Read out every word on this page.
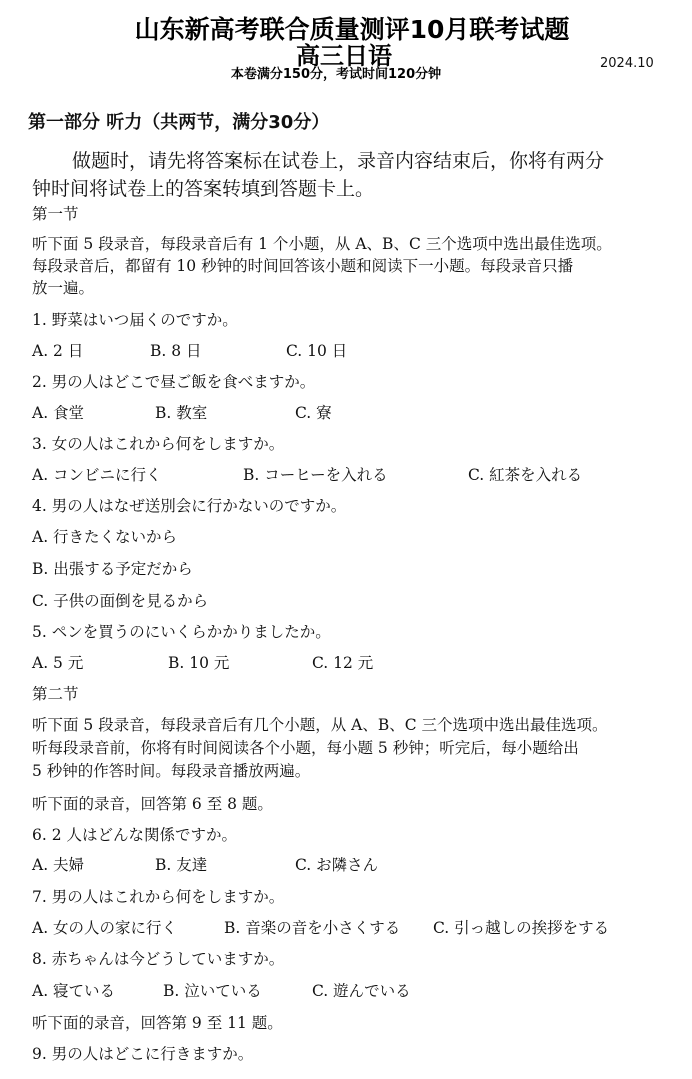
山东新高考联合质量测评10月联考试题
高三日语
本卷满分150分，考试时间120分钟
2024.10
第一部分 听力（共两节，满分30分）
做题时，请先将答案标在试卷上，录音内容结束后，你将有两分
钟时间将试卷上的答案转填到答题卡上。
第一节
听下面 5 段录音，每段录音后有 1 个小题，从 A、B、C 三个选项中选出最佳选项。
每段录音后，都留有 10 秒钟的时间回答该小题和阅读下一小题。每段录音只播
放一遍。
1. 野菜はいつ届くのですか。
A. 2 日	B. 8 日	C. 10 日
2. 男の人はどこで昼ご飯を食べますか。
A. 食堂	B. 教室	C. 寮
3. 女の人はこれから何をしますか。
A. コンビニに行く	B. コーヒーを入れる	C. 紅茶を入れる
4. 男の人はなぜ送別会に行かないのですか。
A. 行きたくないから
B. 出張する予定だから
C. 子供の面倒を見るから
5. ペンを買うのにいくらかかりましたか。
A. 5 元	B. 10 元	C. 12 元
第二节
听下面 5 段录音，每段录音后有几个小题，从 A、B、C 三个选项中选出最佳选项。
听每段录音前，你将有时间阅读各个小题，每小题 5 秒钟；听完后，每小题给出
5 秒钟的作答时间。每段录音播放两遍。
听下面的录音，回答第 6 至 8 题。
6. 2 人はどんな関係ですか。
A. 夫婦	B. 友達	C. お隣さん
7. 男の人はこれから何をしますか。
A. 女の人の家に行く	B. 音楽の音を小さくする C. 引っ越しの挨拶をする
8. 赤ちゃんは今どうしていますか。
A. 寝ている	B. 泣いている	C. 遊んでいる
听下面的录音，回答第 9 至 11 题。
9. 男の人はどこに行きますか。
